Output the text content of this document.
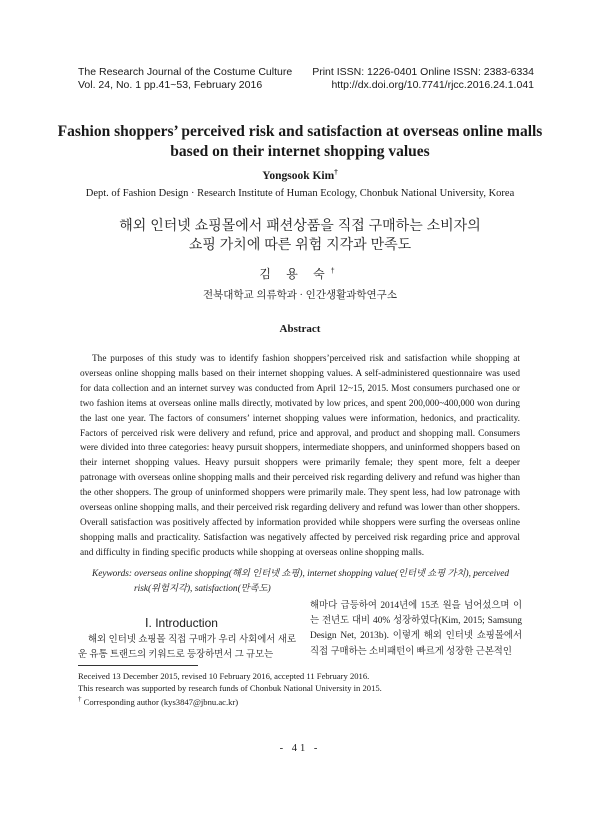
The Research Journal of the Costume Culture
Vol. 24, No. 1 pp.41~53, February 2016
Print ISSN: 1226-0401 Online ISSN: 2383-6334
http://dx.doi.org/10.7741/rjcc.2016.24.1.041
Fashion shoppers’ perceived risk and satisfaction at overseas online malls
based on their internet shopping values
Yongsook Kim†
Dept. of Fashion Design · Research Institute of Human Ecology, Chonbuk National University, Korea
해외 인터넷 쇼핑몰에서 패션상품을 직접 구매하는 소비자의
쇼핑 가치에 따른 위험 지각과 만족도
김 용 숙†
전북대학교 의류학과 · 인간생활과학연구소
Abstract

The purposes of this study was to identify fashion shoppers’perceived risk and satisfaction while shopping at overseas online shopping malls based on their internet shopping values. A self-administered questionnaire was used for data collection and an internet survey was conducted from April 12~15, 2015. Most consumers purchased one or two fashion items at overseas online malls directly, motivated by low prices, and spent 200,000~400,000 won during the last one year. The factors of consumers’ internet shopping values were information, hedonics, and practicality. Factors of perceived risk were delivery and refund, price and approval, and product and shopping mall. Consumers were divided into three categories: heavy pursuit shoppers, intermediate shoppers, and uninformed shoppers based on their internet shopping values. Heavy pursuit shoppers were primarily female; they spent more, felt a deeper patronage with overseas online shopping malls and their perceived risk regarding delivery and refund was higher than the other shoppers. The group of uninformed shoppers were primarily male. They spent less, had low patronage with overseas online shopping malls, and their perceived risk regarding delivery and refund was lower than other shoppers. Overall satisfaction was positively affected by information provided while shoppers were surfing the overseas online shopping malls and practicality. Satisfaction was negatively affected by perceived risk regarding price and approval and difficulty in finding specific products while shopping at overseas online shopping malls.

Keywords: overseas online shopping(해외 인터넷 쇼핑), internet shopping value(인터넷 쇼핑 가치), perceived
risk(위험지각), satisfaction(만족도)
Ⅰ. Introduction

해외 인터넷 쇼핑몰 직접 구매가 우리 사회에서 새로운 유통 트랜드의 키워드로 등장하면서 그 규모는

해마다 급등하여 2014년에 15조 원을 넘어섰으며 이는 전년도 대비 40% 성장하였다(Kim, 2015; Samsung Design Net, 2013b). 이렇게 해외 인터넷 쇼핑몰에서 직접 구매하는 소비패턴이 빠르게 성장한 근본적인

Received 13 December 2015, revised 10 February 2016, accepted 11 February 2016.
This research was supported by research funds of Chonbuk National University in 2015.
† Corresponding author (kys3847@jbnu.ac.kr)
- 41 -
